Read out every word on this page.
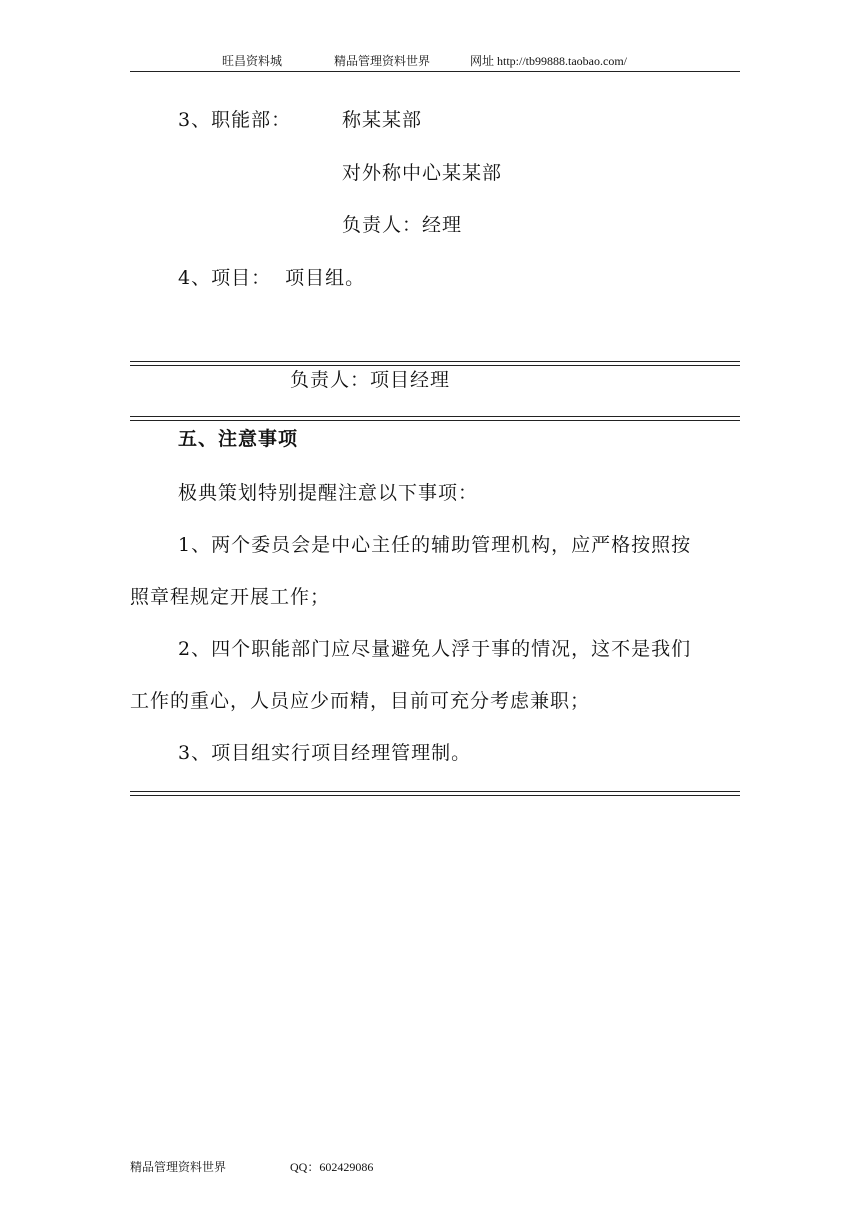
旺昌资料城	精品管理资料世界	网址 http://tb99888.taobao.com/
3、职能部：	称某某部
对外称中心某某部
负责人：经理
4、项目：  项目组。
负责人：项目经理
五、注意事项
极典策划特别提醒注意以下事项：
1、两个委员会是中心主任的辅助管理机构，应严格按照按
照章程规定开展工作；
2、四个职能部门应尽量避免人浮于事的情况，这不是我们
工作的重心，人员应少而精，目前可充分考虑兼职；
3、项目组实行项目经理管理制。
精品管理资料世界	QQ：602429086
